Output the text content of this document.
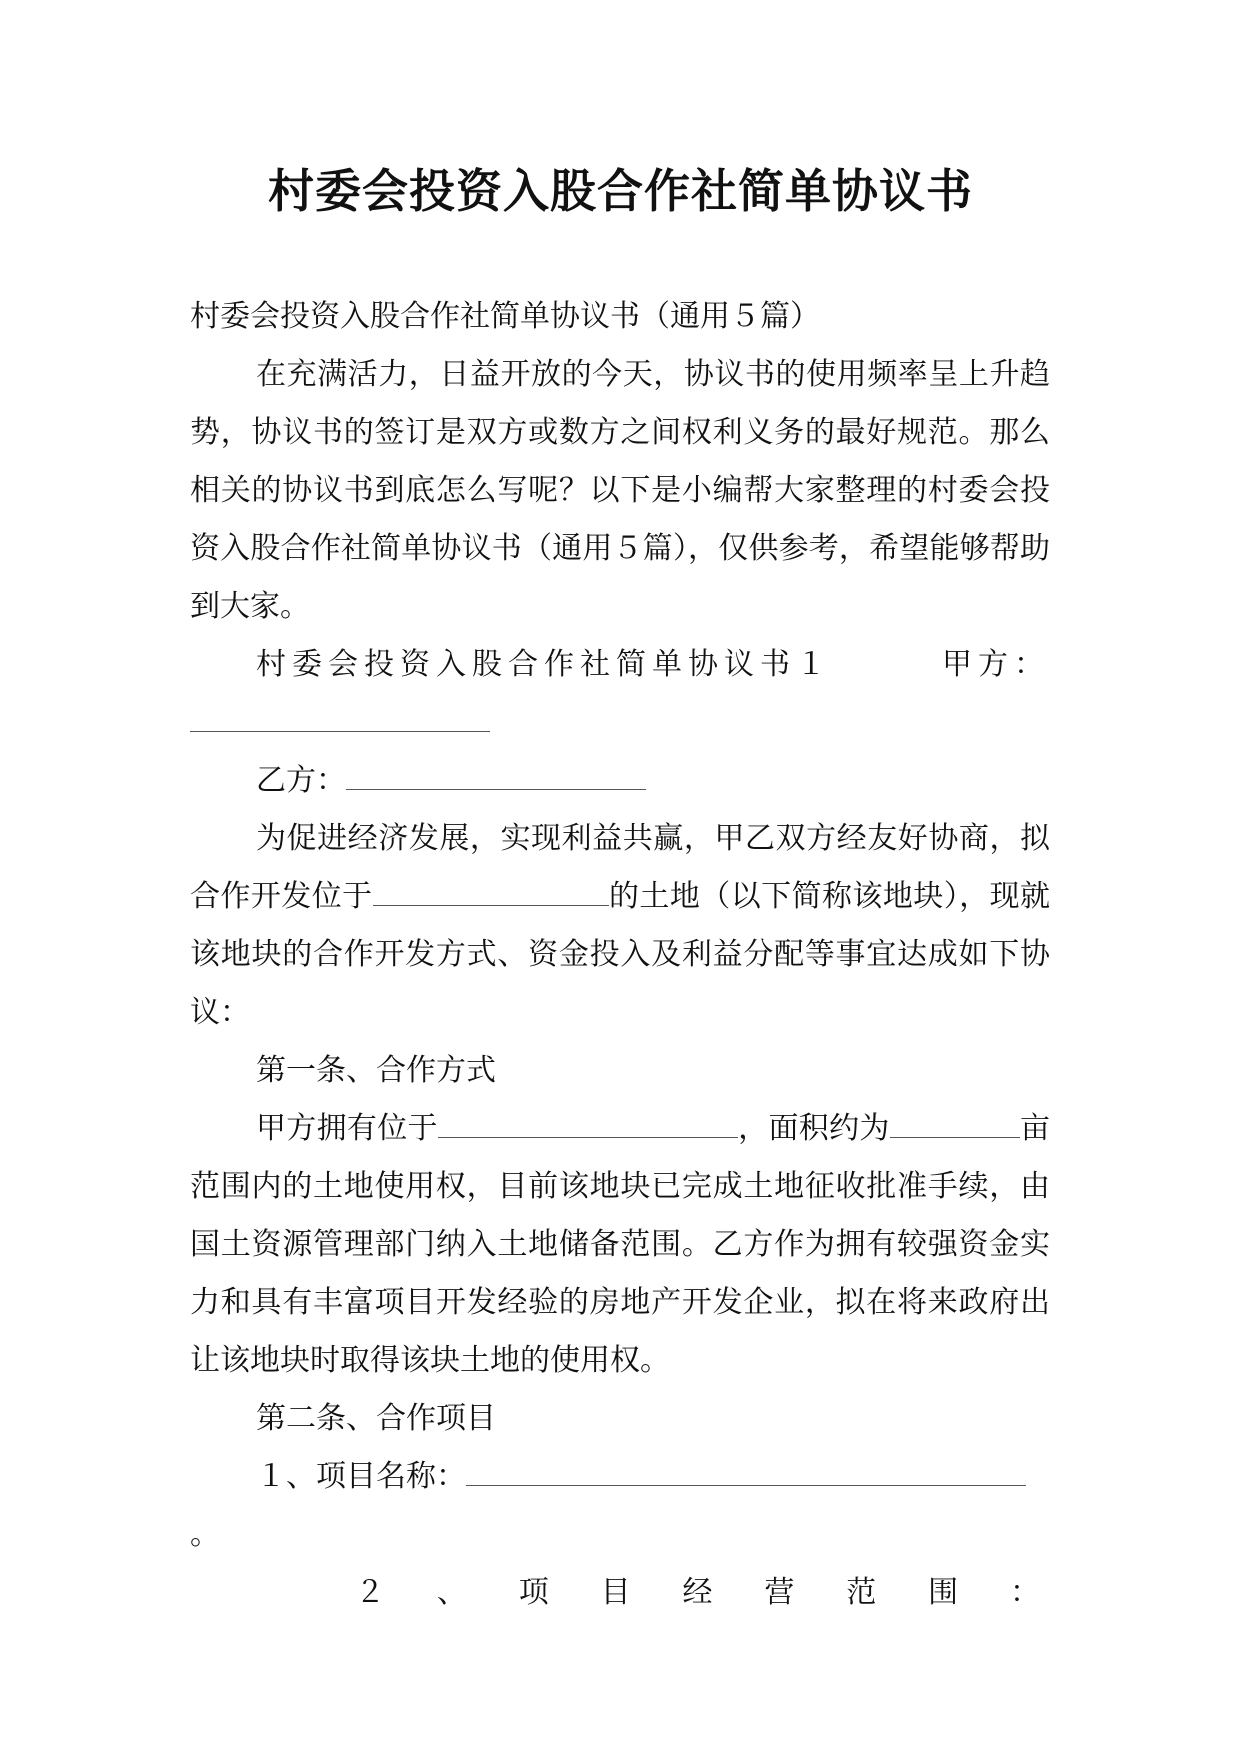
村委会投资入股合作社简单协议书

村委会投资入股合作社简单协议书（通用５篇）

在充满活力，日益开放的今天，协议书的使用频率呈上升趋势，协议书的签订是双方或数方之间权利义务的最好规范。那么相关的协议书到底怎么写呢？以下是小编帮大家整理的村委会投资入股合作社简单协议书（通用５篇），仅供参考，希望能够帮助到大家。

村委会投资入股合作社简单协议书１	甲方：

乙方：

为促进经济发展，实现利益共赢，甲乙双方经友好协商，拟合作开发位于	的土地（以下简称该地块），现就该地块的合作开发方式、资金投入及利益分配等事宜达成如下协议：

第一条、合作方式

甲方拥有位于	，面积约为	亩范围内的土地使用权，目前该地块已完成土地征收批准手续，由国土资源管理部门纳入土地储备范围。乙方作为拥有较强资金实力和具有丰富项目开发经验的房地产开发企业，拟在将来政府出让该地块时取得该块土地的使用权。

第二条、合作项目

１、项目名称：。

２ 、 项 目 经 营 范 围 ：
